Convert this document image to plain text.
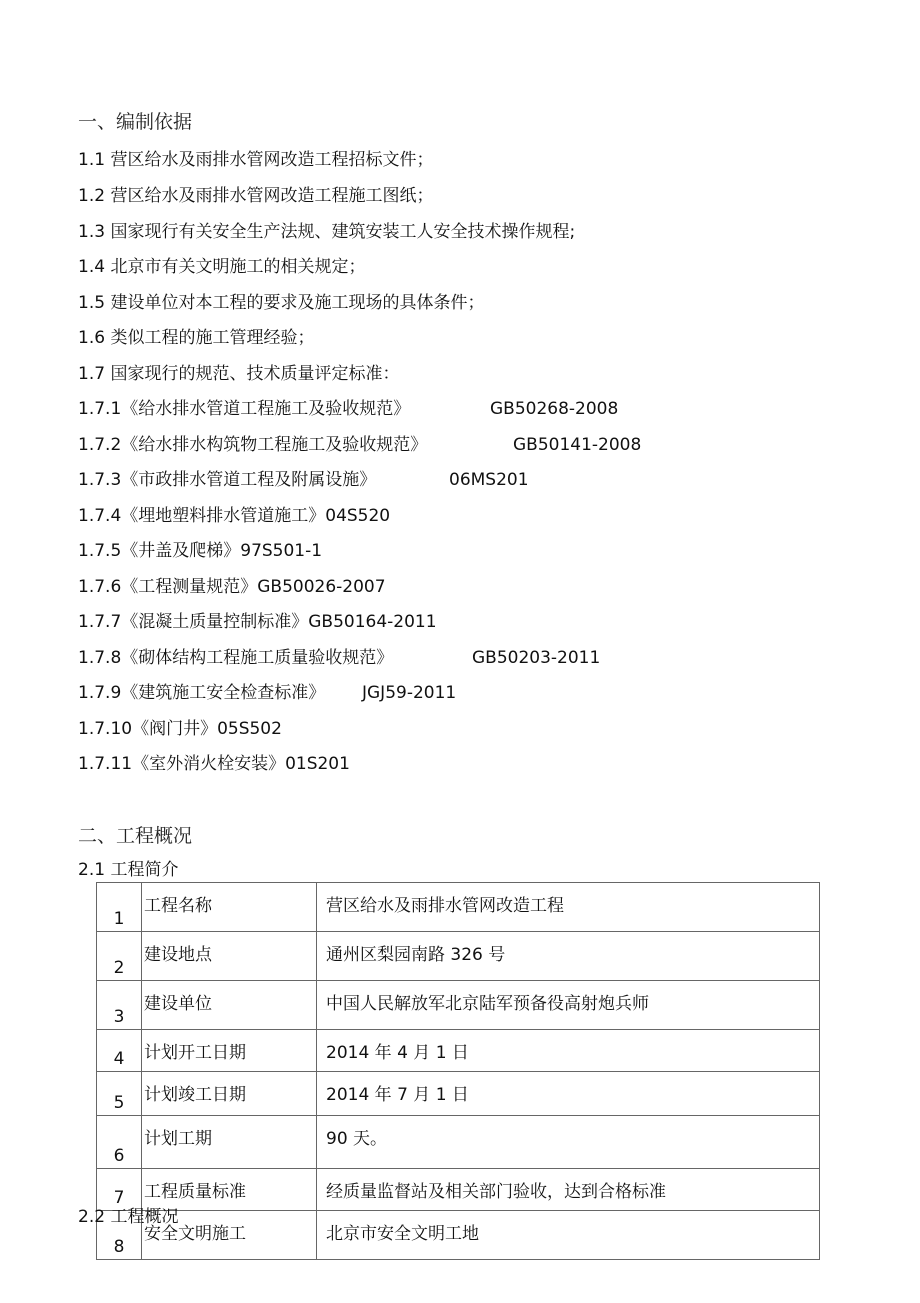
一、编制依据
1.1 营区给水及雨排水管网改造工程招标文件；
1.2 营区给水及雨排水管网改造工程施工图纸；
1.3 国家现行有关安全生产法规、建筑安装工人安全技术操作规程;
1.4 北京市有关文明施工的相关规定；
1.5 建设单位对本工程的要求及施工现场的具体条件；
1.6 类似工程的施工管理经验；
1.7 国家现行的规范、技术质量评定标准：
1.7.1《给水排水管道工程施工及验收规范》	GB50268-2008
1.7.2《给水排水构筑物工程施工及验收规范》	GB50141-2008
1.7.3《市政排水管道工程及附属设施》	06MS201
1.7.4《埋地塑料排水管道施工》04S520
1.7.5《井盖及爬梯》97S501-1
1.7.6《工程测量规范》GB50026-2007
1.7.7《混凝土质量控制标准》GB50164-2011
1.7.8《砌体结构工程施工质量验收规范》	GB50203-2011
1.7.9《建筑施工安全检查标准》 JGJ59-2011
1.7.10《阀门井》05S502
1.7.11《室外消火栓安装》01S201
二、工程概况
2.1 工程简介
1	工程名称	营区给水及雨排水管网改造工程
2	建设地点	通州区梨园南路 326 号
3	建设单位	中国人民解放军北京陆军预备役高射炮兵师
4	计划开工日期	2014 年 4 月 1 日
5	计划竣工日期	2014 年 7 月 1 日
6	计划工期	90 天。
7	工程质量标准	经质量监督站及相关部门验收，达到合格标准
8	安全文明施工	北京市安全文明工地
2.2 工程概况
